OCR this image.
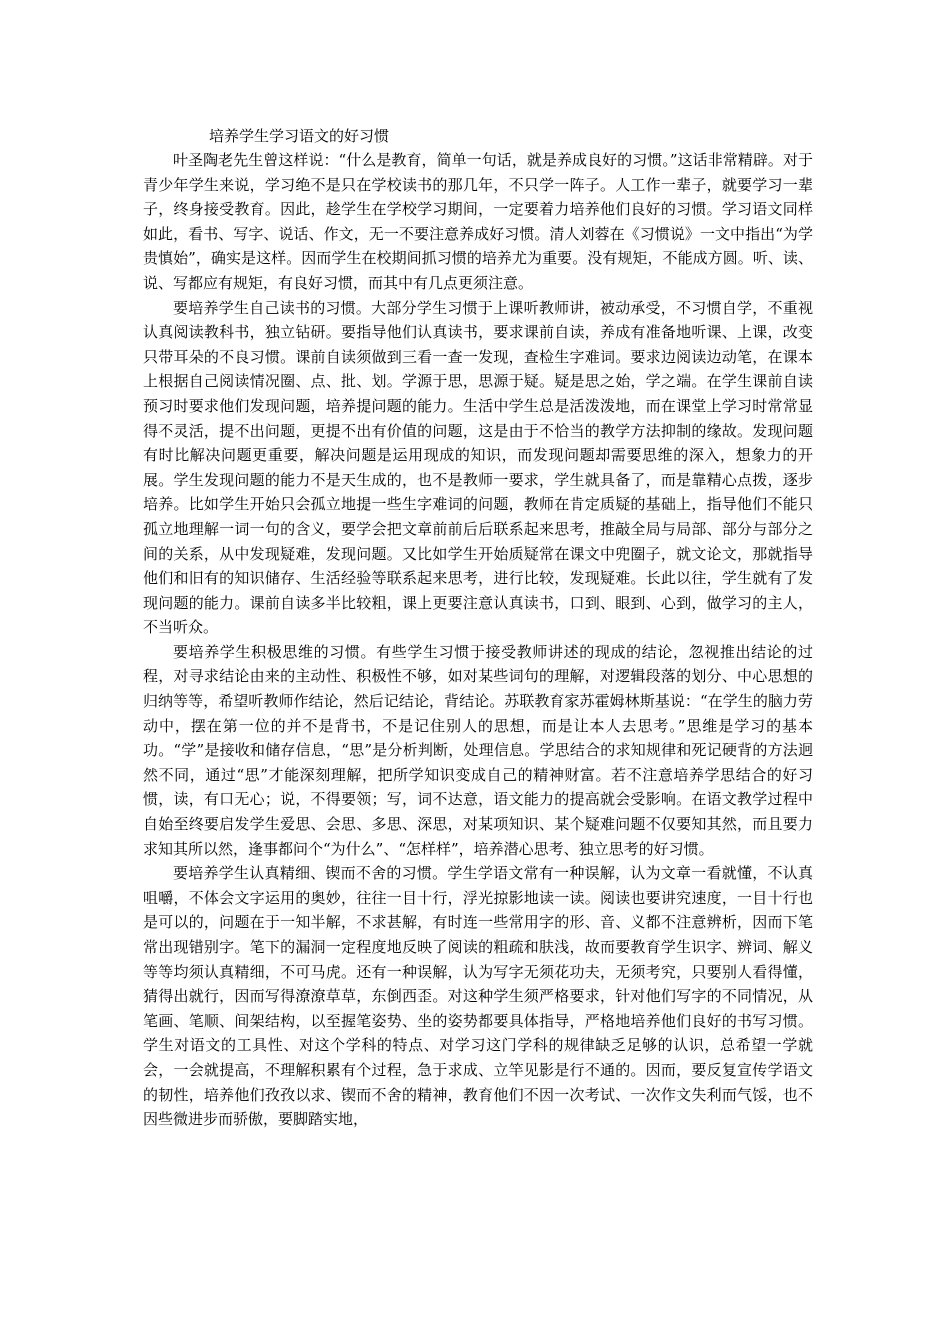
培养学生学习语文的好习惯

叶圣陶老先生曾这样说：“什么是教育，简单一句话，就是养成良好的习惯。”这话非常精辟。对于青少年学生来说，学习绝不是只在学校读书的那几年，不只学一阵子。人工作一辈子，就要学习一辈子，终身接受教育。因此，趁学生在学校学习期间，一定要着力培养他们良好的习惯。学习语文同样如此，看书、写字、说话、作文，无一不要注意养成好习惯。清人刘蓉在《习惯说》一文中指出“为学贵慎始”，确实是这样。因而学生在校期间抓习惯的培养尤为重要。没有规矩，不能成方圆。听、读、说、写都应有规矩，有良好习惯，而其中有几点更须注意。

要培养学生自己读书的习惯。大部分学生习惯于上课听教师讲，被动承受，不习惯自学，不重视认真阅读教科书，独立钻研。要指导他们认真读书，要求课前自读，养成有准备地听课、上课，改变只带耳朵的不良习惯。课前自读须做到三看一查一发现，查检生字难词。要求边阅读边动笔，在课本上根据自己阅读情况圈、点、批、划。学源于思，思源于疑。疑是思之始，学之端。在学生课前自读预习时要求他们发现问题，培养提问题的能力。生活中学生总是活泼泼地，而在课堂上学习时常常显得不灵活，提不出问题，更提不出有价值的问题，这是由于不恰当的教学方法抑制的缘故。发现问题有时比解决问题更重要，解决问题是运用现成的知识，而发现问题却需要思维的深入，想象力的开展。学生发现问题的能力不是天生成的，也不是教师一要求，学生就具备了，而是靠精心点拨，逐步培养。比如学生开始只会孤立地提一些生字难词的问题，教师在肯定质疑的基础上，指导他们不能只孤立地理解一词一句的含义，要学会把文章前前后后联系起来思考，推敲全局与局部、部分与部分之间的关系，从中发现疑难，发现问题。又比如学生开始质疑常在课文中兜圈子，就文论文，那就指导他们和旧有的知识储存、生活经验等联系起来思考，进行比较，发现疑难。长此以往，学生就有了发现问题的能力。课前自读多半比较粗，课上更要注意认真读书，口到、眼到、心到，做学习的主人，不当听众。

要培养学生积极思维的习惯。有些学生习惯于接受教师讲述的现成的结论，忽视推出结论的过程，对寻求结论由来的主动性、积极性不够，如对某些词句的理解，对逻辑段落的划分、中心思想的归纳等等，希望听教师作结论，然后记结论，背结论。苏联教育家苏霍姆林斯基说：“在学生的脑力劳动中，摆在第一位的并不是背书，不是记住别人的思想，而是让本人去思考。”思维是学习的基本功。“学”是接收和储存信息，“思”是分析判断，处理信息。学思结合的求知规律和死记硬背的方法迥然不同，通过“思”才能深刻理解，把所学知识变成自己的精神财富。若不注意培养学思结合的好习惯，读，有口无心；说，不得要领；写，词不达意，语文能力的提高就会受影响。在语文教学过程中自始至终要启发学生爱思、会思、多思、深思，对某项知识、某个疑难问题不仅要知其然，而且要力求知其所以然，逢事都问个“为什么”、“怎样样”，培养潜心思考、独立思考的好习惯。

要培养学生认真精细、锲而不舍的习惯。学生学语文常有一种误解，认为文章一看就懂，不认真咀嚼，不体会文字运用的奥妙，往往一目十行，浮光掠影地读一读。阅读也要讲究速度，一目十行也是可以的，问题在于一知半解，不求甚解，有时连一些常用字的形、音、义都不注意辨析，因而下笔常出现错别字。笔下的漏洞一定程度地反映了阅读的粗疏和肤浅，故而要教育学生识字、辨词、解义等等均须认真精细，不可马虎。还有一种误解，认为写字无须花功夫，无须考究，只要别人看得懂，猜得出就行，因而写得潦潦草草，东倒西歪。对这种学生须严格要求，针对他们写字的不同情况，从笔画、笔顺、间架结构，以至握笔姿势、坐的姿势都要具体指导，严格地培养他们良好的书写习惯。学生对语文的工具性、对这个学科的特点、对学习这门学科的规律缺乏足够的认识，总希望一学就会，一会就提高，不理解积累有个过程，急于求成、立竿见影是行不通的。因而，要反复宣传学语文的韧性，培养他们孜孜以求、锲而不舍的精神，教育他们不因一次考试、一次作文失利而气馁，也不因些微进步而骄傲，要脚踏实地，
